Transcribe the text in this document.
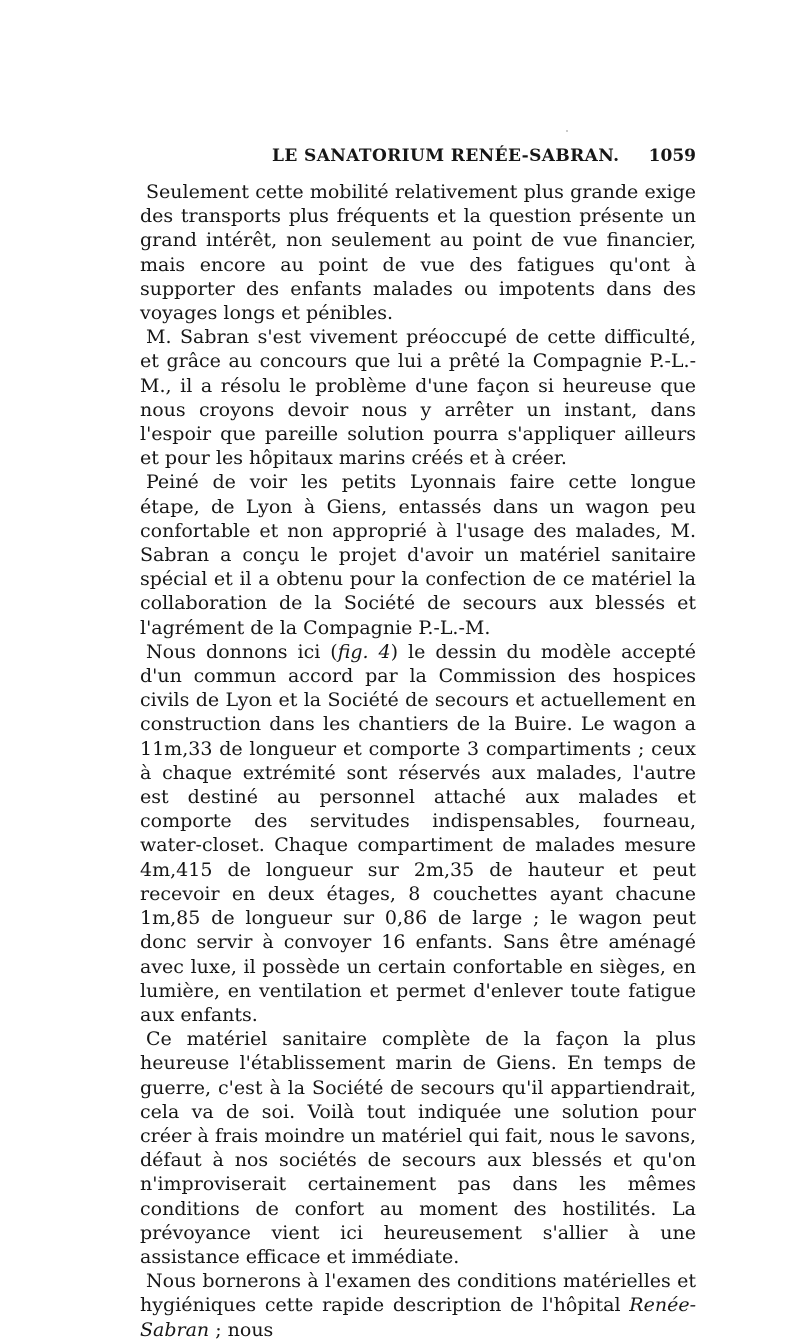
LE SANATORIUM RENÉE-SABRAN. 1059

Seulement cette mobilité relativement plus grande exige des transports plus fréquents et la question présente un grand intérêt, non seulement au point de vue financier, mais encore au point de vue des fatigues qu'ont à supporter des enfants malades ou impotents dans des voyages longs et pénibles.

M. Sabran s'est vivement préoccupé de cette difficulté, et grâce au concours que lui a prêté la Compagnie P.-L.-M., il a résolu le problème d'une façon si heureuse que nous croyons devoir nous y arrêter un instant, dans l'espoir que pareille solution pourra s'appliquer ailleurs et pour les hôpitaux marins créés et à créer.

Peiné de voir les petits Lyonnais faire cette longue étape, de Lyon à Giens, entassés dans un wagon peu confortable et non approprié à l'usage des malades, M. Sabran a conçu le projet d'avoir un matériel sanitaire spécial et il a obtenu pour la confection de ce matériel la collaboration de la Société de secours aux blessés et l'agrément de la Compagnie P.-L.-M.

Nous donnons ici (fig. 4) le dessin du modèle accepté d'un commun accord par la Commission des hospices civils de Lyon et la Société de secours et actuellement en construction dans les chantiers de la Buire. Le wagon a 11m,33 de longueur et comporte 3 compartiments ; ceux à chaque extrémité sont réservés aux malades, l'autre est destiné au personnel attaché aux malades et comporte des servitudes indispensables, fourneau, water-closet. Chaque compartiment de malades mesure 4m,415 de longueur sur 2m,35 de hauteur et peut recevoir en deux étages, 8 couchettes ayant chacune 1m,85 de longueur sur 0,86 de large ; le wagon peut donc servir à convoyer 16 enfants. Sans être aménagé avec luxe, il possède un certain confortable en sièges, en lumière, en ventilation et permet d'enlever toute fatigue aux enfants.

Ce matériel sanitaire complète de la façon la plus heureuse l'établissement marin de Giens. En temps de guerre, c'est à la Société de secours qu'il appartiendrait, cela va de soi. Voilà tout indiquée une solution pour créer à frais moindre un matériel qui fait, nous le savons, défaut à nos sociétés de secours aux blessés et qu'on n'improviserait certainement pas dans les mêmes conditions de confort au moment des hostilités. La prévoyance vient ici heureusement s'allier à une assistance efficace et immédiate.

Nous bornerons à l'examen des conditions matérielles et hygiéniques cette rapide description de l'hôpital Renée-Sabran ; nous
